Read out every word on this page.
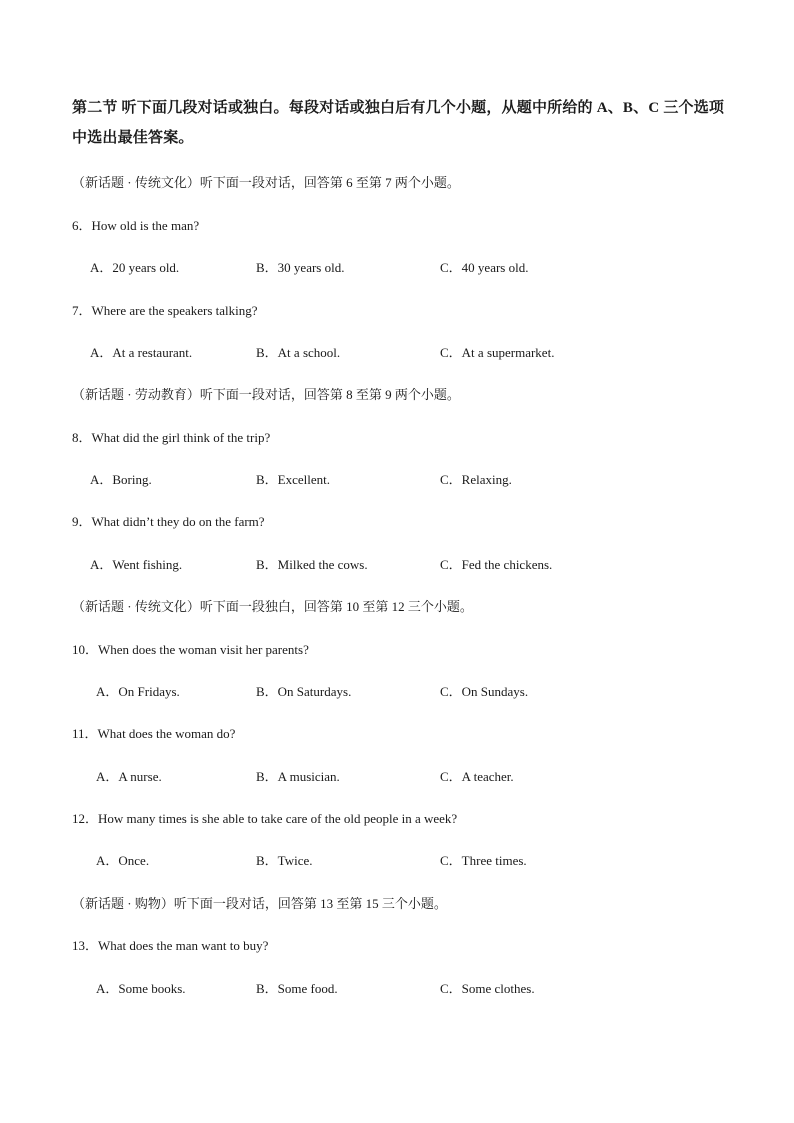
第二节 听下面几段对话或独白。每段对话或独白后有几个小题，从题中所给的 A、B、C 三个选项中选出最佳答案。
（新话题 · 传统文化）听下面一段对话，回答第 6 至第 7 两个小题。
6．How old is the man?
A．20 years old.	B．30 years old.	C．40 years old.
7．Where are the speakers talking?
A．At a restaurant.	B．At a school.	C．At a supermarket.
（新话题 · 劳动教育）听下面一段对话，回答第 8 至第 9 两个小题。
8．What did the girl think of the trip?
A．Boring.	B．Excellent.	C．Relaxing.
9．What didn’t they do on the farm?
A．Went fishing.	B．Milked the cows.	C．Fed the chickens.
（新话题 · 传统文化）听下面一段独白，回答第 10 至第 12 三个小题。
10．When does the woman visit her parents?
A．On Fridays.	B．On Saturdays.	C．On Sundays.
11．What does the woman do?
A．A nurse.	B．A musician.	C．A teacher.
12．How many times is she able to take care of the old people in a week?
A．Once.	B．Twice.	C．Three times.
（新话题 · 购物）听下面一段对话，回答第 13 至第 15 三个小题。
13．What does the man want to buy?
A．Some books.	B．Some food.	C．Some clothes.
